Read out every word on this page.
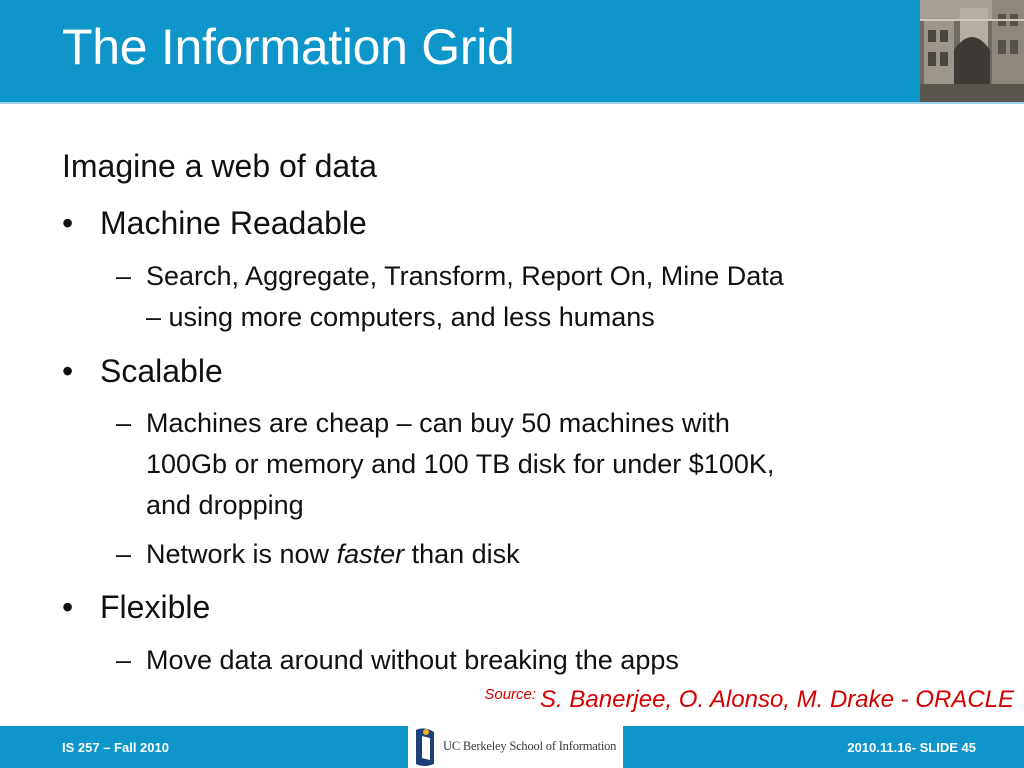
The Information Grid
Imagine a web of data
• Machine Readable
– Search, Aggregate, Transform, Report On, Mine Data
– using more computers, and less humans
• Scalable
– Machines are cheap – can buy 50 machines with
100Gb or memory and 100 TB disk for under $100K,
and dropping
– Network is now faster than disk
• Flexible
– Move data around without breaking the apps
$^{Source:}$ S. Banerjee, O. Alonso, M. Drake - ORACLE
IS 257 – Fall 2010	UC Berkeley School of Information	2010.11.16- SLIDE 45
